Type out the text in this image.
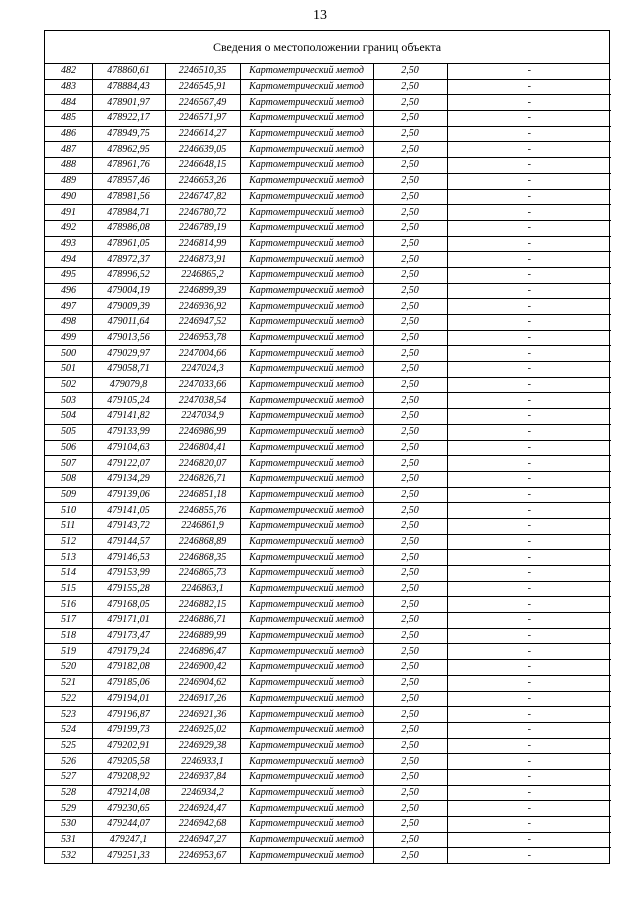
13
Сведения о местоположении границ объекта
482	478860,61	2246510,35	Картометрический метод	2,50	-
483	478884,43	2246545,91	Картометрический метод	2,50	-
484	478901,97	2246567,49	Картометрический метод	2,50	-
485	478922,17	2246571,97	Картометрический метод	2,50	-
486	478949,75	2246614,27	Картометрический метод	2,50	-
487	478962,95	2246639,05	Картометрический метод	2,50	-
488	478961,76	2246648,15	Картометрический метод	2,50	-
489	478957,46	2246653,26	Картометрический метод	2,50	-
490	478981,56	2246747,82	Картометрический метод	2,50	-
491	478984,71	2246780,72	Картометрический метод	2,50	-
492	478986,08	2246789,19	Картометрический метод	2,50	-
493	478961,05	2246814,99	Картометрический метод	2,50	-
494	478972,37	2246873,91	Картометрический метод	2,50	-
495	478996,52	2246865,2	Картометрический метод	2,50	-
496	479004,19	2246899,39	Картометрический метод	2,50	-
497	479009,39	2246936,92	Картометрический метод	2,50	-
498	479011,64	2246947,52	Картометрический метод	2,50	-
499	479013,56	2246953,78	Картометрический метод	2,50	-
500	479029,97	2247004,66	Картометрический метод	2,50	-
501	479058,71	2247024,3	Картометрический метод	2,50	-
502	479079,8	2247033,66	Картометрический метод	2,50	-
503	479105,24	2247038,54	Картометрический метод	2,50	-
504	479141,82	2247034,9	Картометрический метод	2,50	-
505	479133,99	2246986,99	Картометрический метод	2,50	-
506	479104,63	2246804,41	Картометрический метод	2,50	-
507	479122,07	2246820,07	Картометрический метод	2,50	-
508	479134,29	2246826,71	Картометрический метод	2,50	-
509	479139,06	2246851,18	Картометрический метод	2,50	-
510	479141,05	2246855,76	Картометрический метод	2,50	-
511	479143,72	2246861,9	Картометрический метод	2,50	-
512	479144,57	2246868,89	Картометрический метод	2,50	-
513	479146,53	2246868,35	Картометрический метод	2,50	-
514	479153,99	2246865,73	Картометрический метод	2,50	-
515	479155,28	2246863,1	Картометрический метод	2,50	-
516	479168,05	2246882,15	Картометрический метод	2,50	-
517	479171,01	2246886,71	Картометрический метод	2,50	-
518	479173,47	2246889,99	Картометрический метод	2,50	-
519	479179,24	2246896,47	Картометрический метод	2,50	-
520	479182,08	2246900,42	Картометрический метод	2,50	-
521	479185,06	2246904,62	Картометрический метод	2,50	-
522	479194,01	2246917,26	Картометрический метод	2,50	-
523	479196,87	2246921,36	Картометрический метод	2,50	-
524	479199,73	2246925,02	Картометрический метод	2,50	-
525	479202,91	2246929,38	Картометрический метод	2,50	-
526	479205,58	2246933,1	Картометрический метод	2,50	-
527	479208,92	2246937,84	Картометрический метод	2,50	-
528	479214,08	2246934,2	Картометрический метод	2,50	-
529	479230,65	2246924,47	Картометрический метод	2,50	-
530	479244,07	2246942,68	Картометрический метод	2,50	-
531	479247,1	2246947,27	Картометрический метод	2,50	-
532	479251,33	2246953,67	Картометрический метод	2,50	-
